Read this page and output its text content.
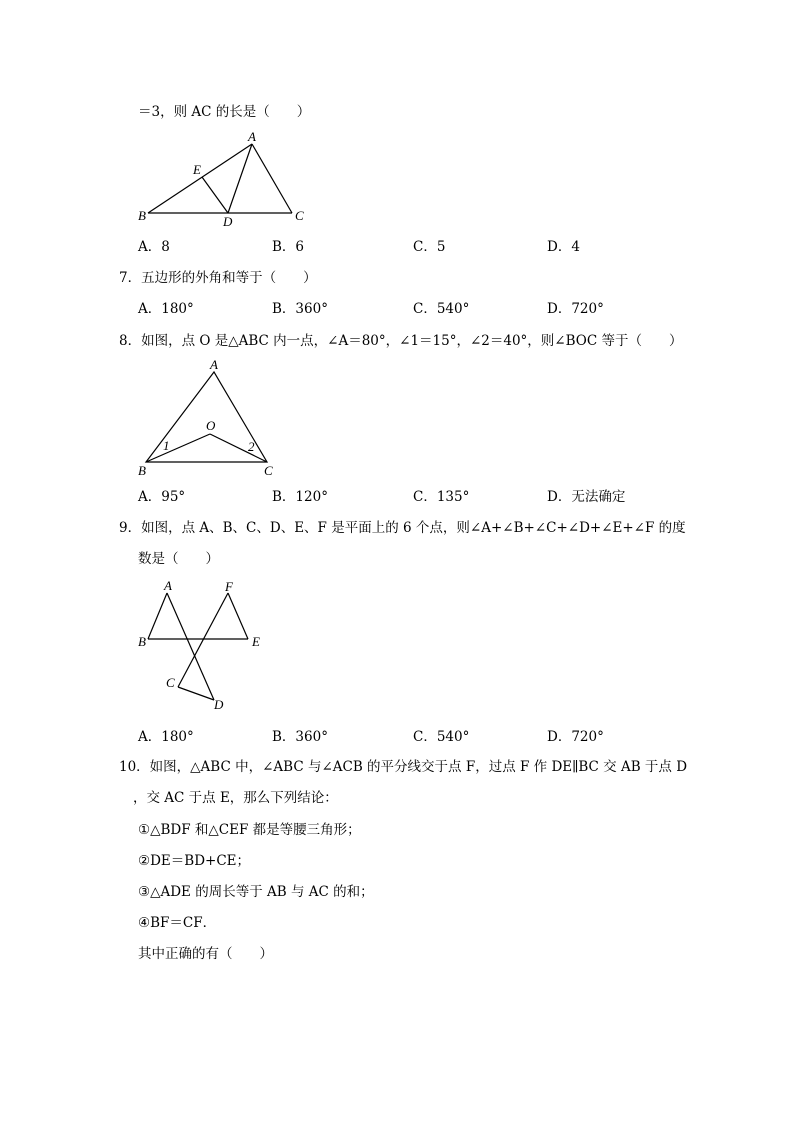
＝3，则 AC 的长是（　　）
A
E
B	D	C
A．8	B．6	C．5	D．4
7．五边形的外角和等于（　　）
A．180°	B．360°	C．540°	D．720°
8．如图，点 O 是△ABC 内一点，∠A＝80°，∠1＝15°，∠2＝40°，则∠BOC 等于（　　）
A
O
1	2
B	C
A．95°	B．120°	C．135°	D．无法确定
9．如图，点 A、B、C、D、E、F 是平面上的 6 个点，则∠A+∠B+∠C+∠D+∠E+∠F 的度
数是（　　）
A	F
B	E
C
D
A．180°	B．360°	C．540°	D．720°
10．如图，△ABC 中，∠ABC 与∠ACB 的平分线交于点 F，过点 F 作 DE∥BC 交 AB 于点 D
，交 AC 于点 E，那么下列结论：
①△BDF 和△CEF 都是等腰三角形；
②DE＝BD+CE；
③△ADE 的周长等于 AB 与 AC 的和；
④BF＝CF．
其中正确的有（　　）
